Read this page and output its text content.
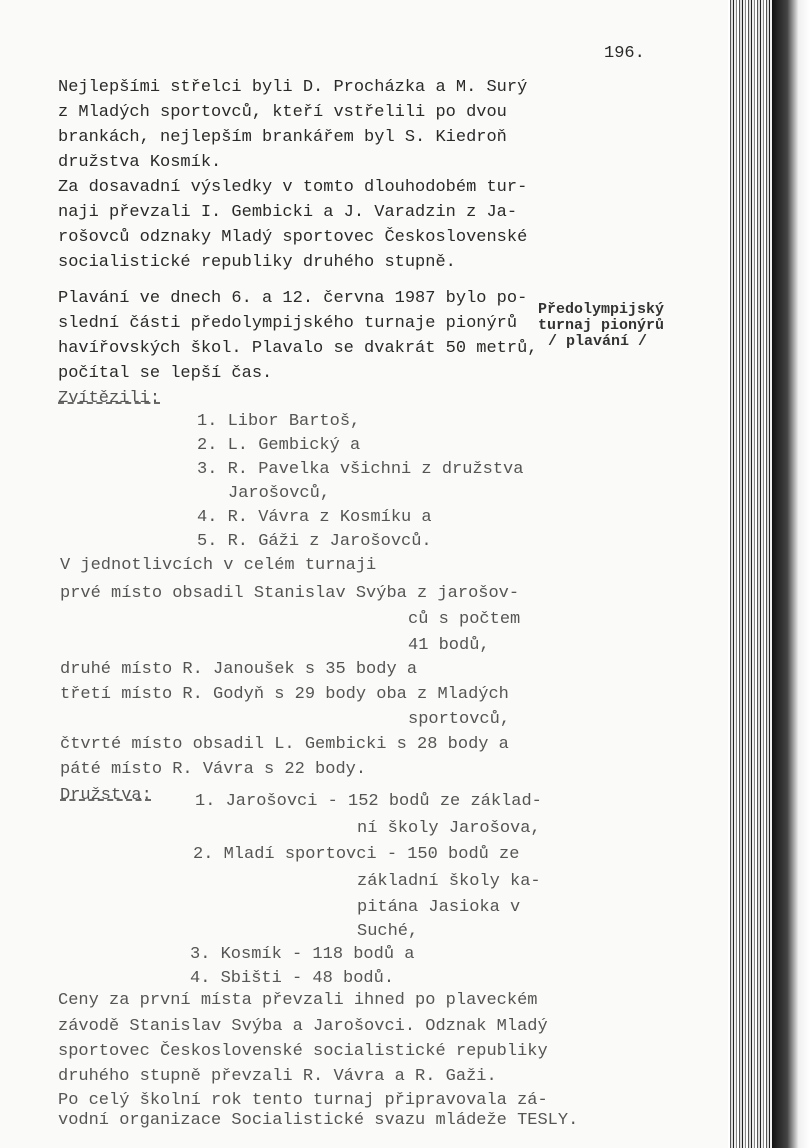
196.
Nejlepšími střelci byli D. Procházka a M. Surý
z Mladých sportovců, kteří vstřelili po dvou
brankách, nejlepším brankářem byl S. Kiedroň
družstva Kosmík.
Za dosavadní výsledky v tomto dlouhodobém tur-
naji převzali I. Gembicki a J. Varadzin z Ja-
rošovců odznaky Mladý sportovec Československé
socialistické republiky druhého stupně.
Plavání ve dnech 6. a 12. června 1987 bylo po-
slední části předolympijského turnaje pionýrů
havířovských škol. Plavalo se dvakrát 50 metrů,
počítal se lepší čas.
Předolympijský
turnaj pionýrů
/ plavání /
Zvítězili:
1. Libor Bartoš,
2. L. Gembický a
3. R. Pavelka všichni z družstva
Jarošovců,
4. R. Vávra z Kosmíku a
5. R. Gáži z Jarošovců.
V jednotlivcích v celém turnaji
prvé místo obsadil Stanislav Svýba z jarošov-
ců s počtem
41 bodů,
druhé místo R. Janoušek s 35 body a
třetí místo R. Godyň s 29 body oba z Mladých
sportovců,
čtvrté místo obsadil L. Gembicki s 28 body a
páté místo R. Vávra s 22 body.
Družstva:	1. Jarošovci - 152 bodů ze základ-
ní školy Jarošova,
2. Mladí sportovci - 150 bodů ze
základní školy ka-
pitána Jasioka v
Suché,
3. Kosmík - 118 bodů a
4. Sbišti - 48 bodů.
Ceny za první místa převzali ihned po plaveckém
závodě Stanislav Svýba a Jarošovci. Odznak Mladý
sportovec Československé socialistické republiky
druhého stupně převzali R. Vávra a R. Gaži.
Po celý školní rok tento turnaj připravovala zá-
vodní organizace Socialistické svazu mládeže TESLY.
